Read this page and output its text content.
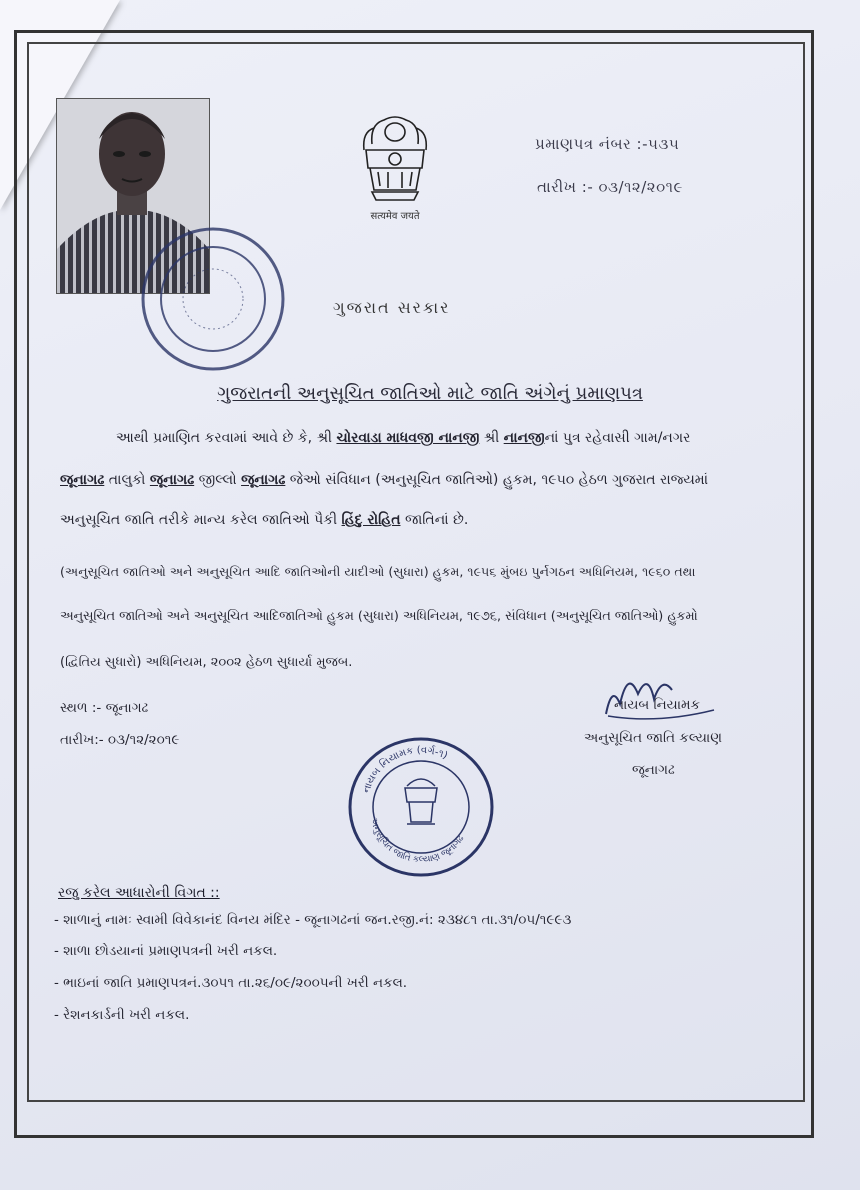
सत्यमेव जयते
પ્રમાણપત્ર નંબર :-૫૩૫
તારીખ :- ૦૩/૧૨/૨૦૧૯
ગુજરાત સરકાર
ગુજરાતની અનુસૂચિત જાતિઓ માટે જાતિ અંગેનું પ્રમાણપત્ર
આથી પ્રમાણિત કરવામાં આવે છે કે, શ્રી ચોરવાડા માધવજી નાનજી શ્રી નાનજીનાં પુત્ર રહેવાસી ગામ/નગર
જૂનાગઢ તાલુકો જૂનાગઢ જીલ્લો જૂનાગઢ જેઓ સંવિધાન (અનુસૂચિત જાતિઓ) હુકમ, ૧૯૫૦ હેઠળ ગુજરાત રાજ્યમાં
અનુસૂચિત જાતિ તરીકે માન્ય કરેલ જાતિઓ પૈકી હિંદુ રોહિત જાતિનાં છે.
(અનુસૂચિત જાતિઓ અને અનુસૂચિત આદિ જાતિઓની યાદીઓ (સુધારા) હુકમ, ૧૯૫૬ મુંબઇ પુર્નગઠન અધિનિયમ, ૧૯૬૦ તથા
અનુસૂચિત જાતિઓ અને અનુસૂચિત આદિજાતિઓ હુકમ (સુધારા) અધિનિયમ, ૧૯૭૬, સંવિધાન (અનુસૂચિત જાતિઓ) હુકમો
(દ્વિતિય સુધારો) અધિનિયમ, ૨૦૦૨ હેઠળ સુધાર્યા મુજબ.
સ્થળ :- જૂનાગઢ
તારીખ:- ૦૩/૧૨/૨૦૧૯
નાયબ નિયામક
અનુસૂચિત જાતિ કલ્યાણ
જૂનાગઢ
નાયબ નિયામક (વર્ગ-૧)
અનુસૂચિત જાતિ કલ્યાણ જૂનાગઢ
રજુ કરેલ આધારોની વિગત ::
- શાળાનું નામઃ સ્વામી વિવેકાનંદ વિનય મંદિર - જૂનાગઢનાં જન.રજી.નં: ૨૩૪૮૧ તા.૩૧/૦૫/૧૯૯૩
- શાળા છોડયાનાં પ્રમાણપત્રની ખરી નકલ.
- ભાઇનાં જાતિ પ્રમાણપત્રનં.૩૦૫૧ તા.૨૬/૦૯/૨૦૦૫ની ખરી નકલ.
- રેશનકાર્ડની ખરી નકલ.
